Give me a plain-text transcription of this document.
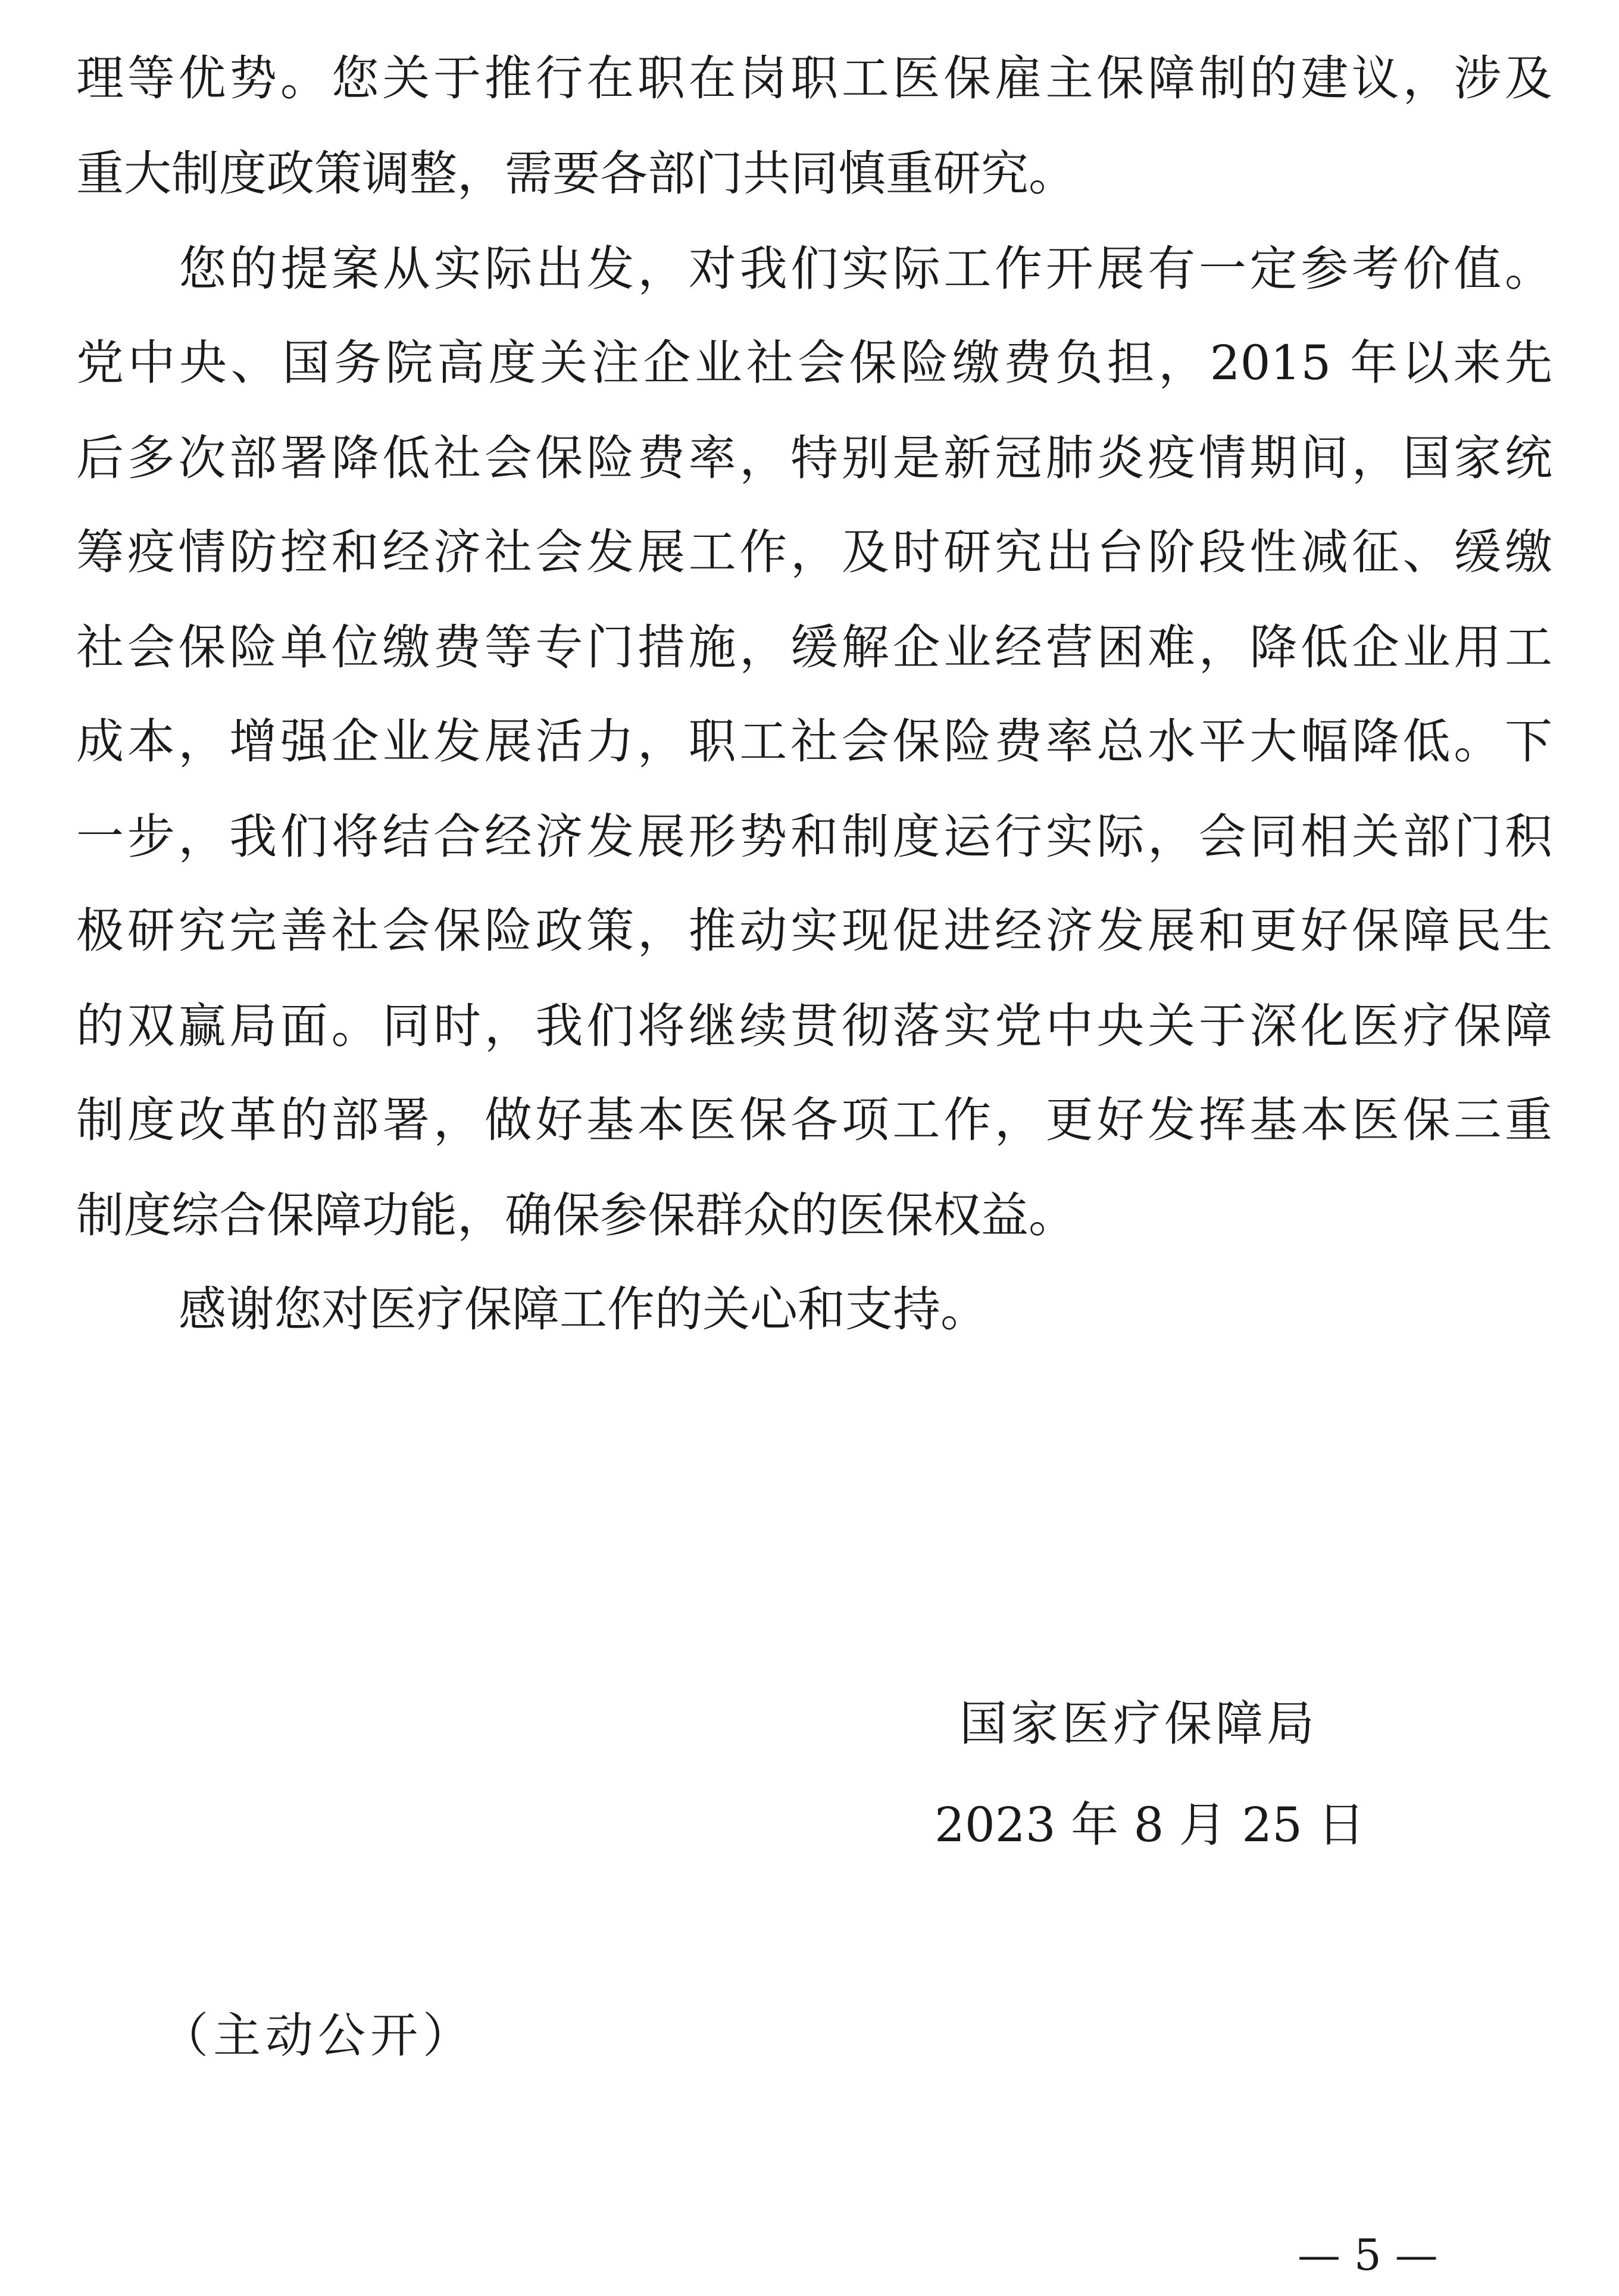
理等优势。您关于推行在职在岗职工医保雇主保障制的建议，涉及
重大制度政策调整，需要各部门共同慎重研究。
您的提案从实际出发，对我们实际工作开展有一定参考价值。
党中央、国务院高度关注企业社会保险缴费负担，2015 年以来先
后多次部署降低社会保险费率，特别是新冠肺炎疫情期间，国家统
筹疫情防控和经济社会发展工作，及时研究出台阶段性减征、缓缴
社会保险单位缴费等专门措施，缓解企业经营困难，降低企业用工
成本，增强企业发展活力，职工社会保险费率总水平大幅降低。下
一步，我们将结合经济发展形势和制度运行实际，会同相关部门积
极研究完善社会保险政策，推动实现促进经济发展和更好保障民生
的双赢局面。同时，我们将继续贯彻落实党中央关于深化医疗保障
制度改革的部署，做好基本医保各项工作，更好发挥基本医保三重
制度综合保障功能，确保参保群众的医保权益。
感谢您对医疗保障工作的关心和支持。
国家医疗保障局
2023 年 8 月 25 日
（主动公开）
— 5 —
